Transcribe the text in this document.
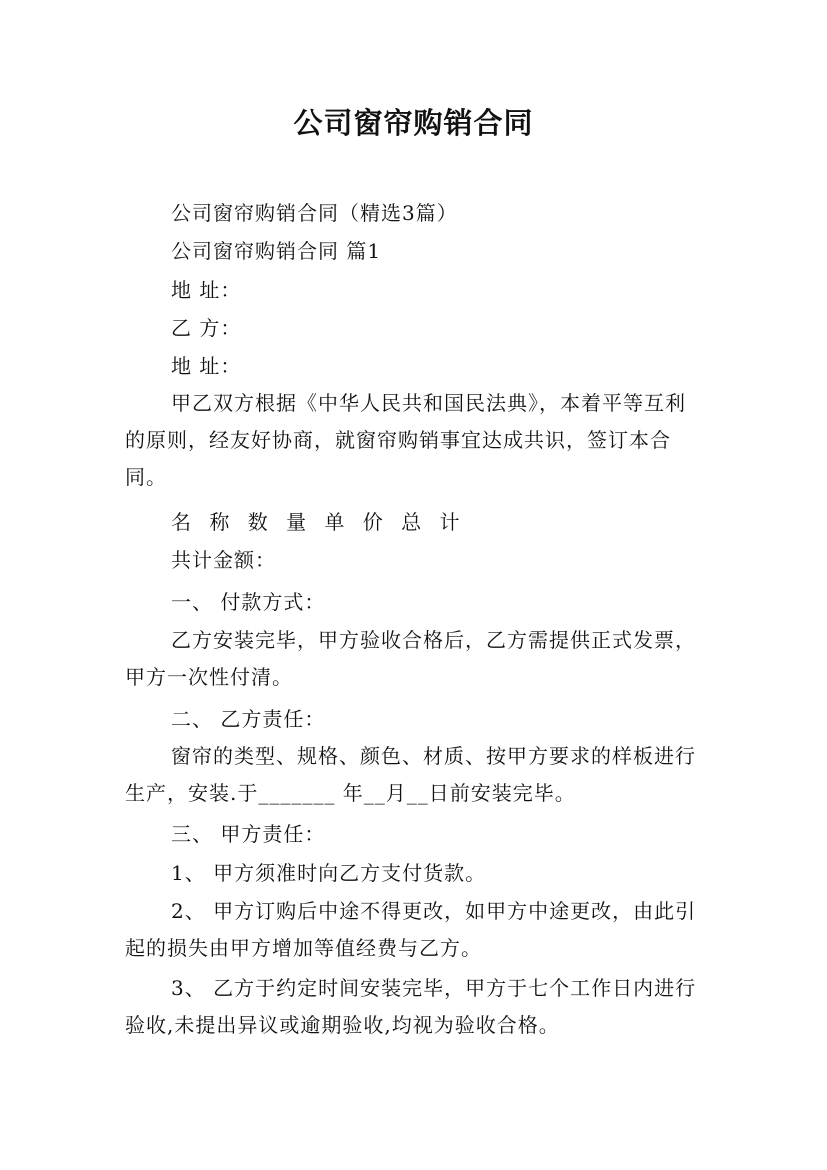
公司窗帘购销合同
公司窗帘购销合同（精选3篇）
公司窗帘购销合同 篇1
地 址：
乙 方：
地 址：
甲乙双方根据《中华人民共和国民法典》，本着平等互利的原则，经友好协商，就窗帘购销事宜达成共识，签订本合同。
名 称 数 量 单 价 总 计
共计金额：
一、 付款方式：
乙方安装完毕，甲方验收合格后，乙方需提供正式发票，甲方一次性付清。
二、 乙方责任：
窗帘的类型、规格、颜色、材质、按甲方要求的样板进行生产，安装.于_______ 年__月__日前安装完毕。
三、 甲方责任：
1、 甲方须准时向乙方支付货款。
2、 甲方订购后中途不得更改，如甲方中途更改，由此引起的损失由甲方增加等值经费与乙方。
3、 乙方于约定时间安装完毕，甲方于七个工作日内进行验收,未提出异议或逾期验收,均视为验收合格。
